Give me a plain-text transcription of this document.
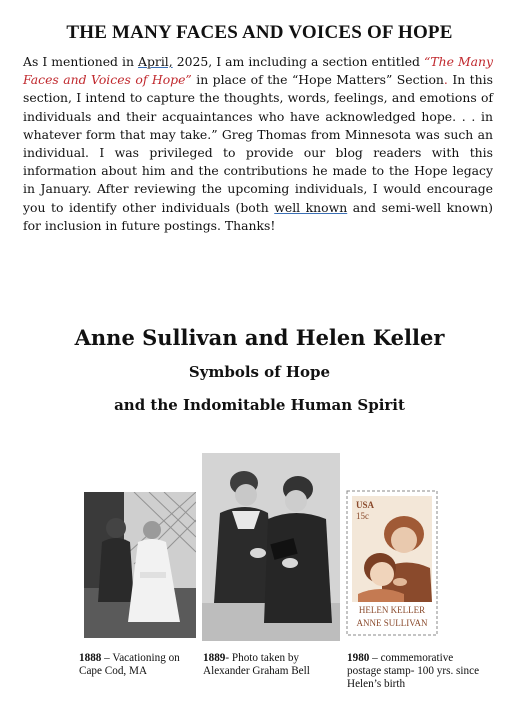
THE MANY FACES AND VOICES OF HOPE
As I mentioned in April, 2025, I am including a section entitled “The Many Faces and Voices of Hope” in place of the “Hope Matters” Section. In this section, I intend to capture the thoughts, words, feelings, and emotions of individuals and their acquaintances who have acknowledged hope. . . in whatever form that may take.” Greg Thomas from Minnesota was such an individual. I was privileged to provide our blog readers with this information about him and the contributions he made to the Hope legacy in January. After reviewing the upcoming individuals, I would encourage you to identify other individuals (both well known and semi-well known) for inclusion in future postings. Thanks!
Anne Sullivan and Helen Keller
Symbols of Hope
and the Indomitable Human Spirit
USA
15c
HELEN KELLER
ANNE SULLIVAN
1888 – Vacationing on Cape Cod, MA
1889- Photo taken by Alexander Graham Bell
1980 – commemorative postage stamp- 100 yrs. since Helen’s birth
